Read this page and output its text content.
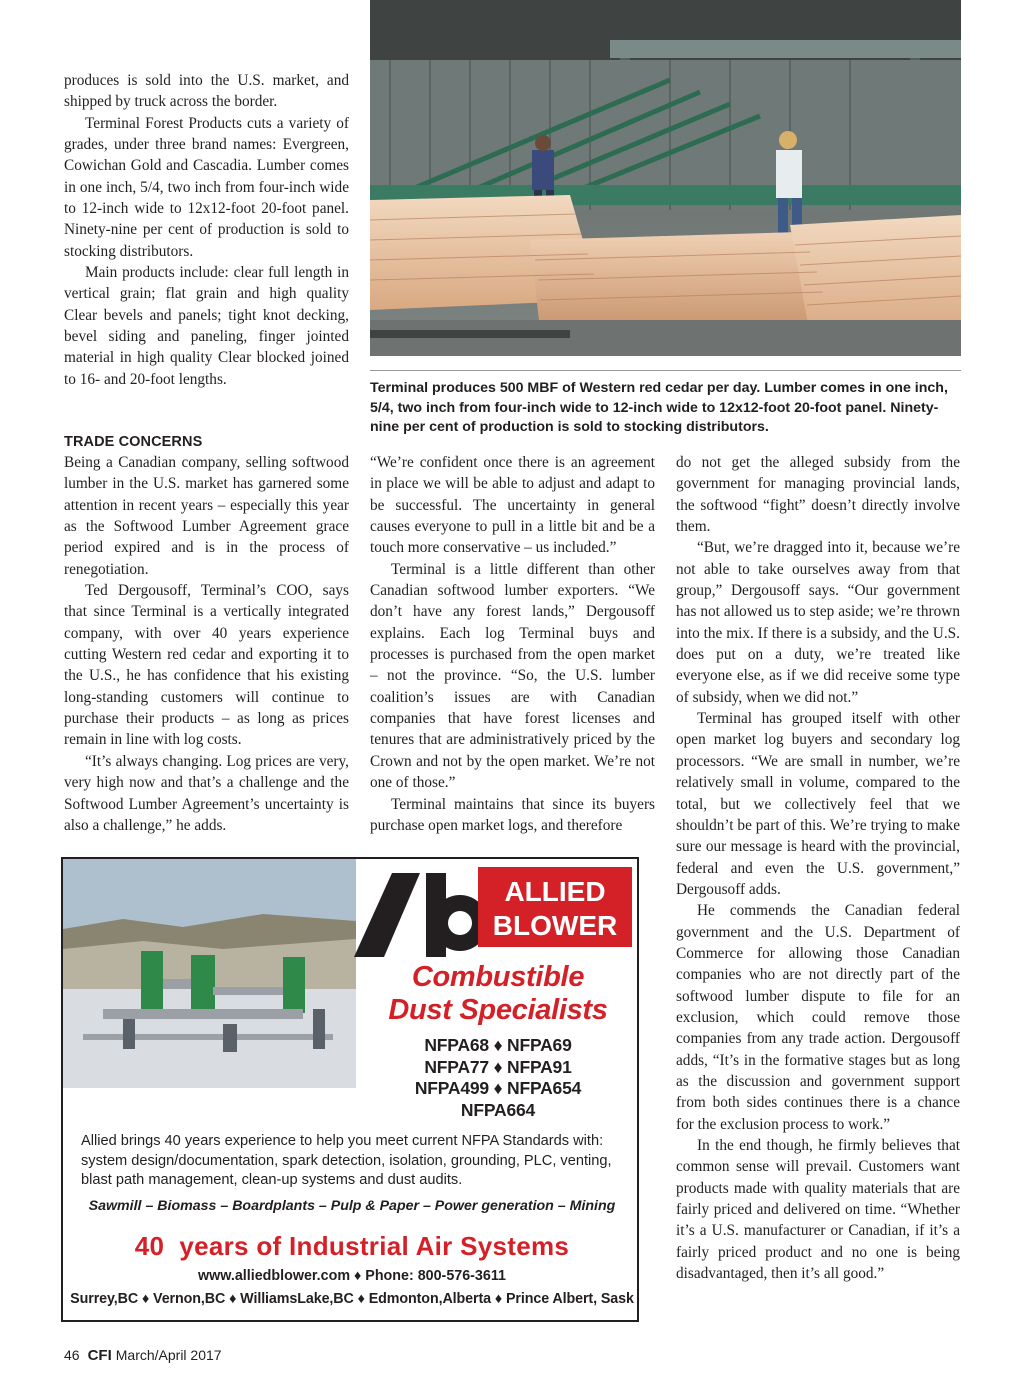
produces is sold into the U.S. market, and shipped by truck across the border.

Terminal Forest Products cuts a variety of grades, under three brand names: Evergreen, Cowichan Gold and Cascadia. Lumber comes in one inch, 5/4, two inch from four-inch wide to 12-inch wide to 12x12-foot 20-foot panel. Ninety-nine per cent of production is sold to stocking distributors.

Main products include: clear full length in vertical grain; flat grain and high quality Clear bevels and panels; tight knot decking, bevel siding and paneling, finger jointed material in high quality Clear blocked joined to 16- and 20-foot lengths.

Terminal produces 500 MBF of Western red cedar per day. Lumber comes in one inch, 5/4, two inch from four-inch wide to 12-inch wide to 12x12-foot 20-foot panel. Ninety-nine per cent of production is sold to stocking distributors.

TRADE CONCERNS

Being a Canadian company, selling softwood lumber in the U.S. market has garnered some attention in recent years – especially this year as the Softwood Lumber Agreement grace period expired and is in the process of renegotiation.

Ted Dergousoff, Terminal’s COO, says that since Terminal is a vertically integrated company, with over 40 years experience cutting Western red cedar and exporting it to the U.S., he has confidence that his existing long-standing customers will continue to purchase their products – as long as prices remain in line with log costs.

“It’s always changing. Log prices are very, very high now and that’s a challenge and the Softwood Lumber Agreement’s uncertainty is also a challenge,” he adds.

“We’re confident once there is an agreement in place we will be able to adjust and adapt to be successful. The uncertainty in general causes everyone to pull in a little bit and be a touch more conservative – us included.”

Terminal is a little different than other Canadian softwood lumber exporters. “We don’t have any forest lands,” Dergousoff explains. Each log Terminal buys and processes is purchased from the open market – not the province. “So, the U.S. lumber coalition’s issues are with Canadian companies that have forest licenses and tenures that are administratively priced by the Crown and not by the open market. We’re not one of those.”

Terminal maintains that since its buyers purchase open market logs, and therefore

do not get the alleged subsidy from the government for managing provincial lands, the softwood “fight” doesn’t directly involve them.

“But, we’re dragged into it, because we’re not able to take ourselves away from that group,” Dergousoff says. “Our government has not allowed us to step aside; we’re thrown into the mix. If there is a subsidy, and the U.S. does put on a duty, we’re treated like everyone else, as if we did receive some type of subsidy, when we did not.”

Terminal has grouped itself with other open market log buyers and secondary log processors. “We are small in number, we’re relatively small in volume, compared to the total, but we collectively feel that we shouldn’t be part of this. We’re trying to make sure our message is heard with the provincial, federal and even the U.S. government,” Dergousoff adds.

He commends the Canadian federal government and the U.S. Department of Commerce for allowing those Canadian companies who are not directly part of the softwood lumber dispute to file for an exclusion, which could remove those companies from any trade action. Dergousoff adds, “It’s in the formative stages but as long as the discussion and government support from both sides continues there is a chance for the exclusion process to work.”

In the end though, he firmly believes that common sense will prevail. Customers want products made with quality materials that are fairly priced and delivered on time. “Whether it’s a U.S. manufacturer or Canadian, if it’s a fairly priced product and no one is being disadvantaged, then it’s all good.”

ALLIED
BLOWER
Combustible
Dust Specialists
NFPA68 ♦ NFPA69
NFPA77 ♦ NFPA91
NFPA499 ♦ NFPA654
NFPA664
Allied brings 40 years experience to help you meet current NFPA Standards with: system design/documentation, spark detection, isolation, grounding, PLC, venting, blast path management, clean-up systems and dust audits.
Sawmill – Biomass – Boardplants – Pulp & Paper – Power generation – Mining
40  years of Industrial Air Systems
www.alliedblower.com ♦ Phone: 800-576-3611
Surrey,BC ♦ Vernon,BC ♦ WilliamsLake,BC ♦ Edmonton,Alberta ♦ Prince Albert, Sask
46 CFI March/April 2017
